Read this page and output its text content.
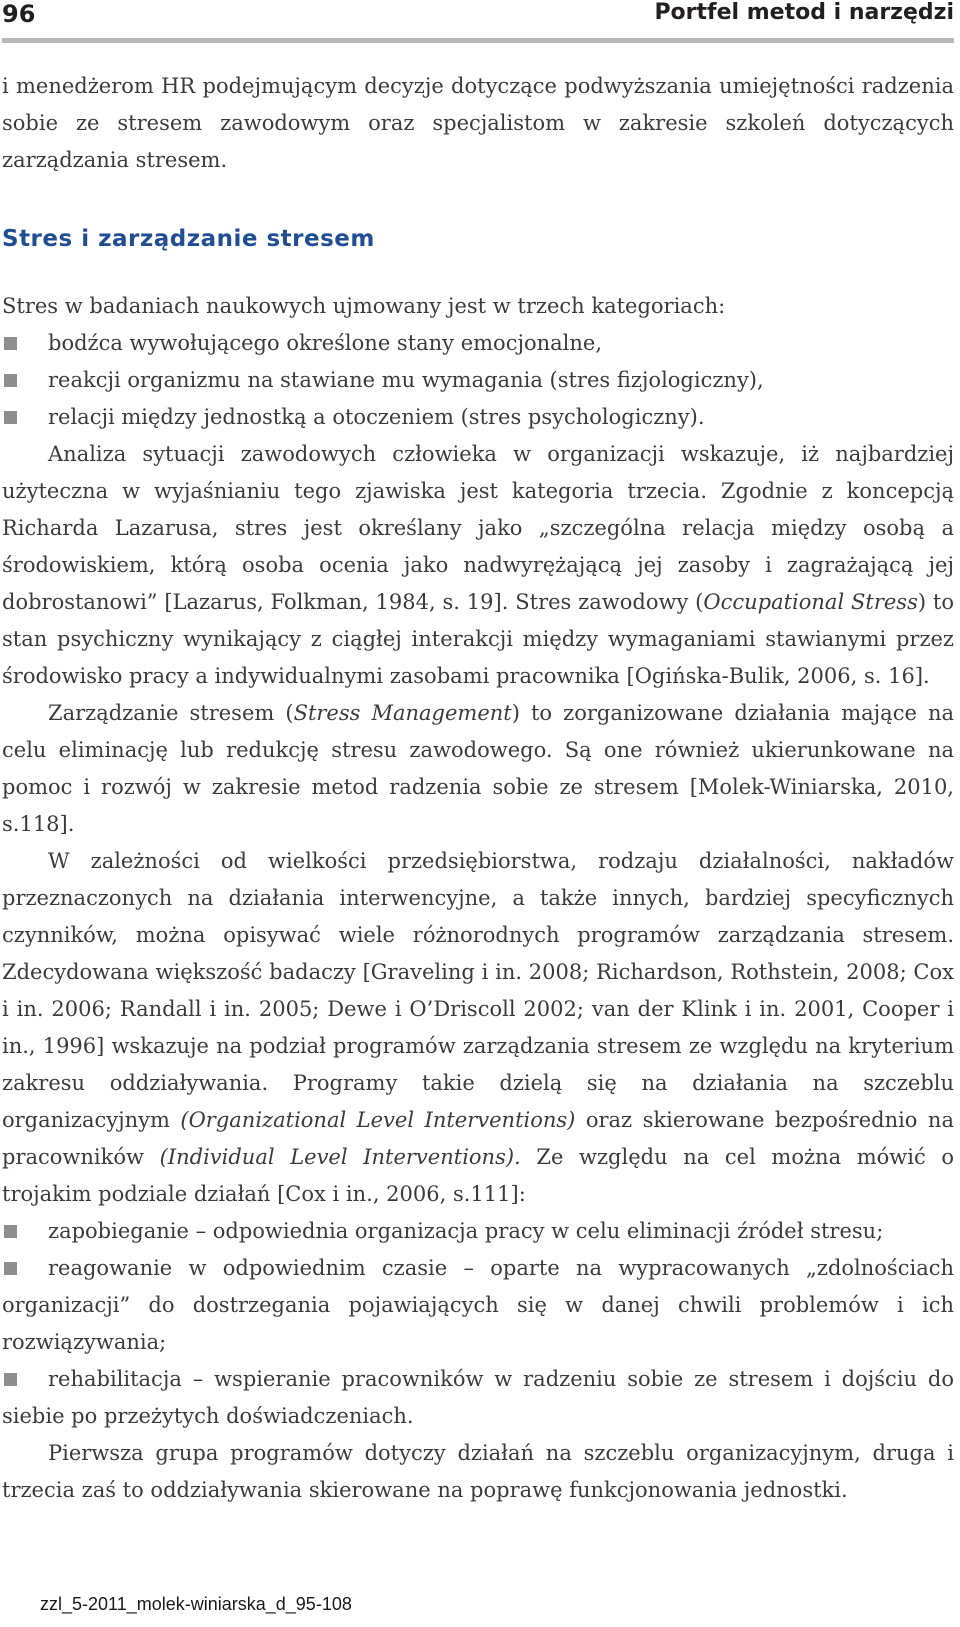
96	Portfel metod i narzędzi

i menedżerom HR podejmującym decyzje dotyczące podwyższania umiejętności radzenia sobie ze stresem zawodowym oraz specjalistom w zakresie szkoleń dotyczących zarządzania stresem.

Stres i zarządzanie stresem

Stres w badaniach naukowych ujmowany jest w trzech kategoriach:

bodźca wywołującego określone stany emocjonalne,
reakcji organizmu na stawiane mu wymagania (stres fizjologiczny),
relacji między jednostką a otoczeniem (stres psychologiczny).

Analiza sytuacji zawodowych człowieka w organizacji wskazuje, iż najbardziej użyteczna w wyjaśnianiu tego zjawiska jest kategoria trzecia. Zgodnie z koncepcją Richarda Lazarusa, stres jest określany jako „szczególna relacja między osobą a środowiskiem, którą osoba ocenia jako nadwyrężającą jej zasoby i zagrażającą jej dobrostanowi” [Lazarus, Folkman, 1984, s. 19]. Stres zawodowy (Occupational Stress) to stan psychiczny wynikający z ciągłej interakcji między wymaganiami stawianymi przez środowisko pracy a indywidualnymi zasobami pracownika [Ogińska-Bulik, 2006, s. 16].

Zarządzanie stresem (Stress Management) to zorganizowane działania mające na celu eliminację lub redukcję stresu zawodowego. Są one również ukierunkowane na pomoc i rozwój w zakresie metod radzenia sobie ze stresem [Molek-Winiarska, 2010, s.118].

W zależności od wielkości przedsiębiorstwa, rodzaju działalności, nakładów przeznaczonych na działania interwencyjne, a także innych, bardziej specyficznych czynników, można opisywać wiele różnorodnych programów zarządzania stresem. Zdecydowana większość badaczy [Graveling i in. 2008; Richardson, Rothstein, 2008; Cox i in. 2006; Randall i in. 2005; Dewe i O’Driscoll 2002; van der Klink i in. 2001, Cooper i in., 1996] wskazuje na podział programów zarządzania stresem ze względu na kryterium zakresu oddziaływania. Programy takie dzielą się na działania na szczeblu organizacyjnym (Organizational Level Interventions) oraz skierowane bezpośrednio na pracowników (Individual Level Interventions). Ze względu na cel można mówić o trojakim podziale działań [Cox i in., 2006, s.111]:

zapobieganie – odpowiednia organizacja pracy w celu eliminacji źródeł stresu;
reagowanie w odpowiednim czasie – oparte na wypracowanych „zdolnościach organizacji” do dostrzegania pojawiających się w danej chwili problemów i ich rozwiązywania;
rehabilitacja – wspieranie pracowników w radzeniu sobie ze stresem i dojściu do siebie po przeżytych doświadczeniach.

Pierwsza grupa programów dotyczy działań na szczeblu organizacyjnym, druga i trzecia zaś to oddziaływania skierowane na poprawę funkcjonowania jednostki.

zzl_5-2011_molek-winiarska_d_95-108
